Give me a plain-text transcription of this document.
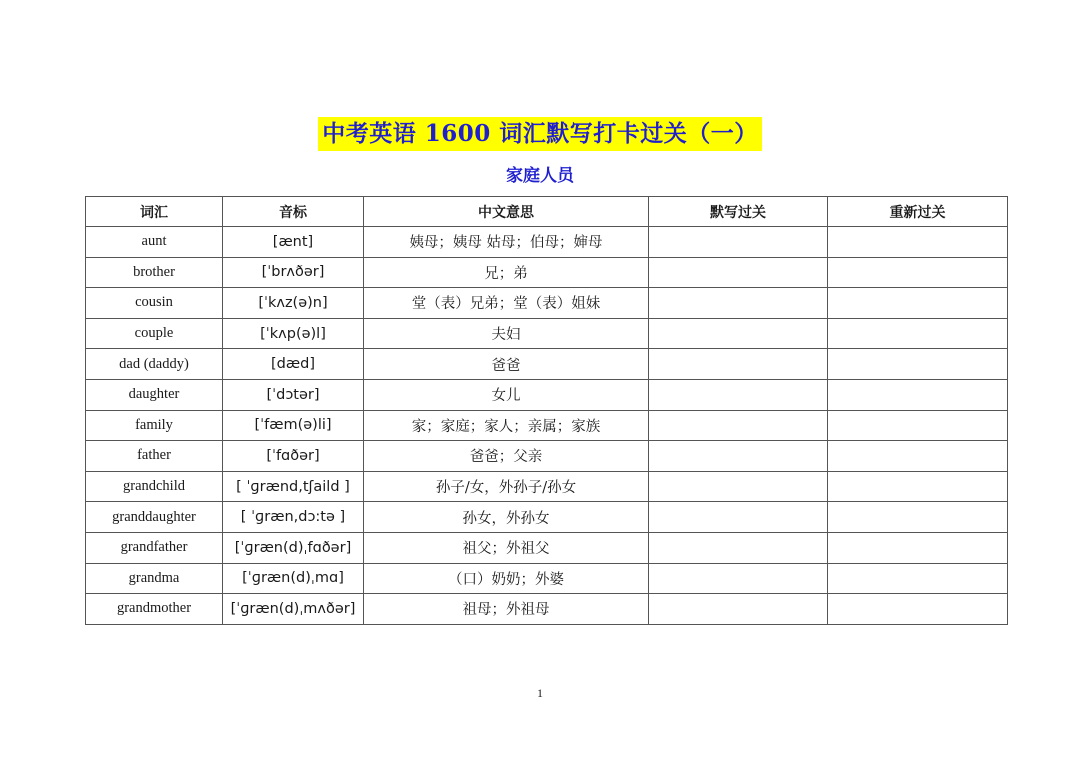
中考英语 1600 词汇默写打卡过关（一）
家庭人员
词汇	音标	中文意思	默写过关	重新过关
aunt	[ænt]	姨母；姨母 姑母；伯母；婶母		
brother	[ˈbrʌðər]	兄；弟		
cousin	[ˈkʌz(ə)n]	堂（表）兄弟；堂（表）姐妹		
couple	[ˈkʌp(ə)l]	夫妇		
dad (daddy)	[dæd]	爸爸		
daughter	[ˈdɔtər]	女儿		
family	[ˈfæm(ə)li]	家；家庭；家人；亲属；家族		
father	[ˈfɑðər]	爸爸；父亲		
grandchild	[ ˈɡrænd,tʃaild ]	孙子/女，外孙子/孙女		
granddaughter	[ ˈɡræn,dɔ:tə ]	孙女，外孙女		
grandfather	[ˈɡræn(d)ˌfɑðər]	祖父；外祖父		
grandma	[ˈɡræn(d)ˌmɑ]	（口）奶奶；外婆		
grandmother	[ˈɡræn(d)ˌmʌðər]	祖母；外祖母		
1
